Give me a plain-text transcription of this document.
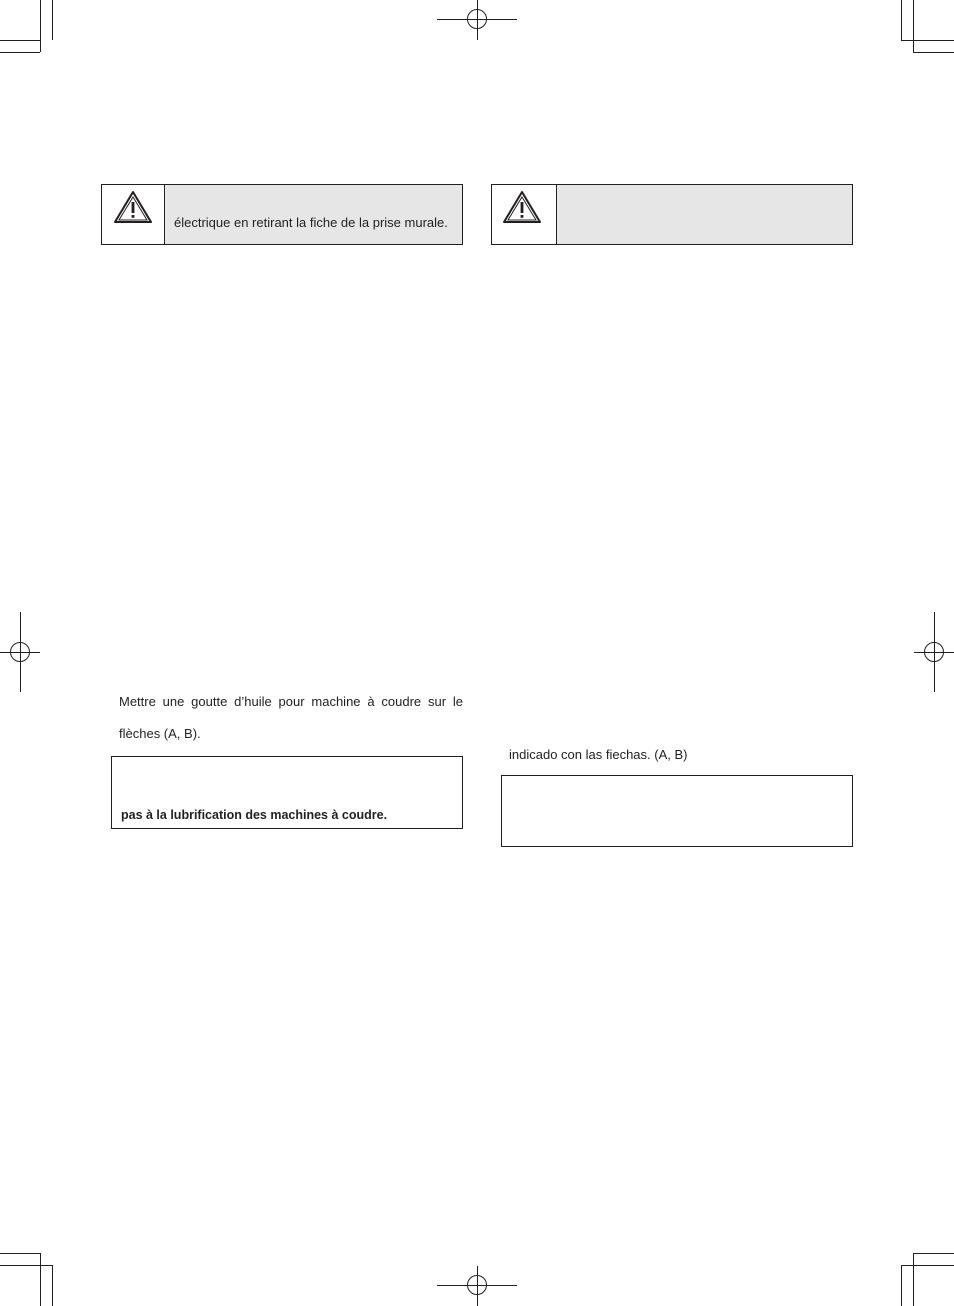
électrique en retirant la fiche de la prise murale.
Mettre une goutte d’huile pour machine à coudre sur le
flèches (A, B).
pas à la lubrification des machines à coudre.
indicado con las fiechas. (A, B)
